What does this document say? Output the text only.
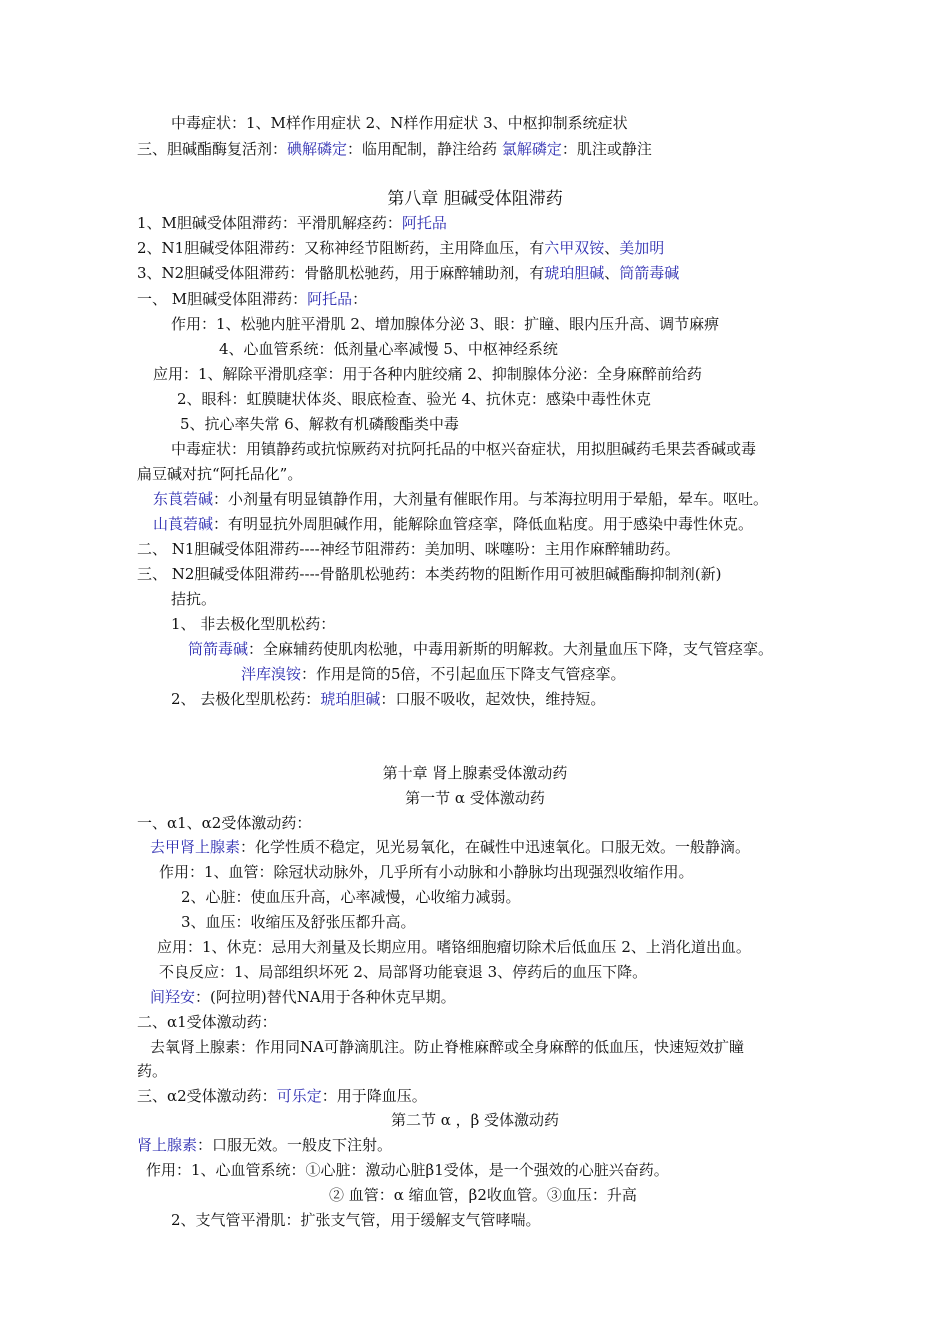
中毒症状：1、M样作用症状 2、N样作用症状 3、中枢抑制系统症状
三、胆碱酯酶复活剂：碘解磷定：临用配制，静注给药 氯解磷定：肌注或静注
第八章 胆碱受体阻滞药
1、M胆碱受体阻滞药：平滑肌解痉药：阿托品
2、N1胆碱受体阻滞药：又称神经节阻断药，主用降血压，有六甲双铵、美加明
3、N2胆碱受体阻滞药：骨骼肌松驰药，用于麻醉辅助剂，有琥珀胆碱、筒箭毒碱
一、 M胆碱受体阻滞药：阿托品：
作用：1、松驰内脏平滑肌 2、增加腺体分泌 3、眼：扩瞳、眼内压升高、调节麻痹
4、心血管系统：低剂量心率减慢 5、中枢神经系统
应用：1、解除平滑肌痉挛：用于各种内脏绞痛 2、抑制腺体分泌：全身麻醉前给药
2、眼科：虹膜睫状体炎、眼底检查、验光 4、抗休克：感染中毒性休克
5、抗心率失常 6、解救有机磷酸酯类中毒
中毒症状：用镇静药或抗惊厥药对抗阿托品的中枢兴奋症状，用拟胆碱药毛果芸香碱或毒
扁豆碱对抗“阿托品化”。
东莨菪碱：小剂量有明显镇静作用，大剂量有催眠作用。与苯海拉明用于晕船，晕车。呕吐。
山莨菪碱：有明显抗外周胆碱作用，能解除血管痉挛，降低血粘度。用于感染中毒性休克。
二、 N1胆碱受体阻滞药----神经节阻滞药：美加明、咪噻吩：主用作麻醉辅助药。
三、 N2胆碱受体阻滞药----骨骼肌松驰药：本类药物的阻断作用可被胆碱酯酶抑制剂(新)
拮抗。
1、 非去极化型肌松药：
筒箭毒碱：全麻辅药使肌肉松驰，中毒用新斯的明解救。大剂量血压下降，支气管痉挛。
泮库溴铵：作用是筒的5倍，不引起血压下降支气管痉挛。
2、 去极化型肌松药：琥珀胆碱：口服不吸收，起效快，维持短。
第十章 肾上腺素受体激动药
第一节 α 受体激动药
一、α1、α2受体激动药：
去甲肾上腺素：化学性质不稳定，见光易氧化，在碱性中迅速氧化。口服无效。一般静滴。
作用：1、血管：除冠状动脉外，几乎所有小动脉和小静脉均出现强烈收缩作用。
2、心脏：使血压升高，心率减慢，心收缩力减弱。
3、血压：收缩压及舒张压都升高。
应用：1、休克：忌用大剂量及长期应用。嗜铬细胞瘤切除术后低血压 2、上消化道出血。
不良反应：1、局部组织坏死 2、局部肾功能衰退 3、停药后的血压下降。
间羟安：(阿拉明)替代NA用于各种休克早期。
二、α1受体激动药：
去氧肾上腺素：作用同NA可静滴肌注。防止脊椎麻醉或全身麻醉的低血压，快速短效扩瞳
药。
三、α2受体激动药：可乐定：用于降血压。
第二节 α ，β 受体激动药
肾上腺素：口服无效。一般皮下注射。
作用：1、心血管系统：①心脏：激动心脏β1受体，是一个强效的心脏兴奋药。
② 血管：α 缩血管，β2收血管。③血压：升高
2、支气管平滑肌：扩张支气管，用于缓解支气管哮喘。
